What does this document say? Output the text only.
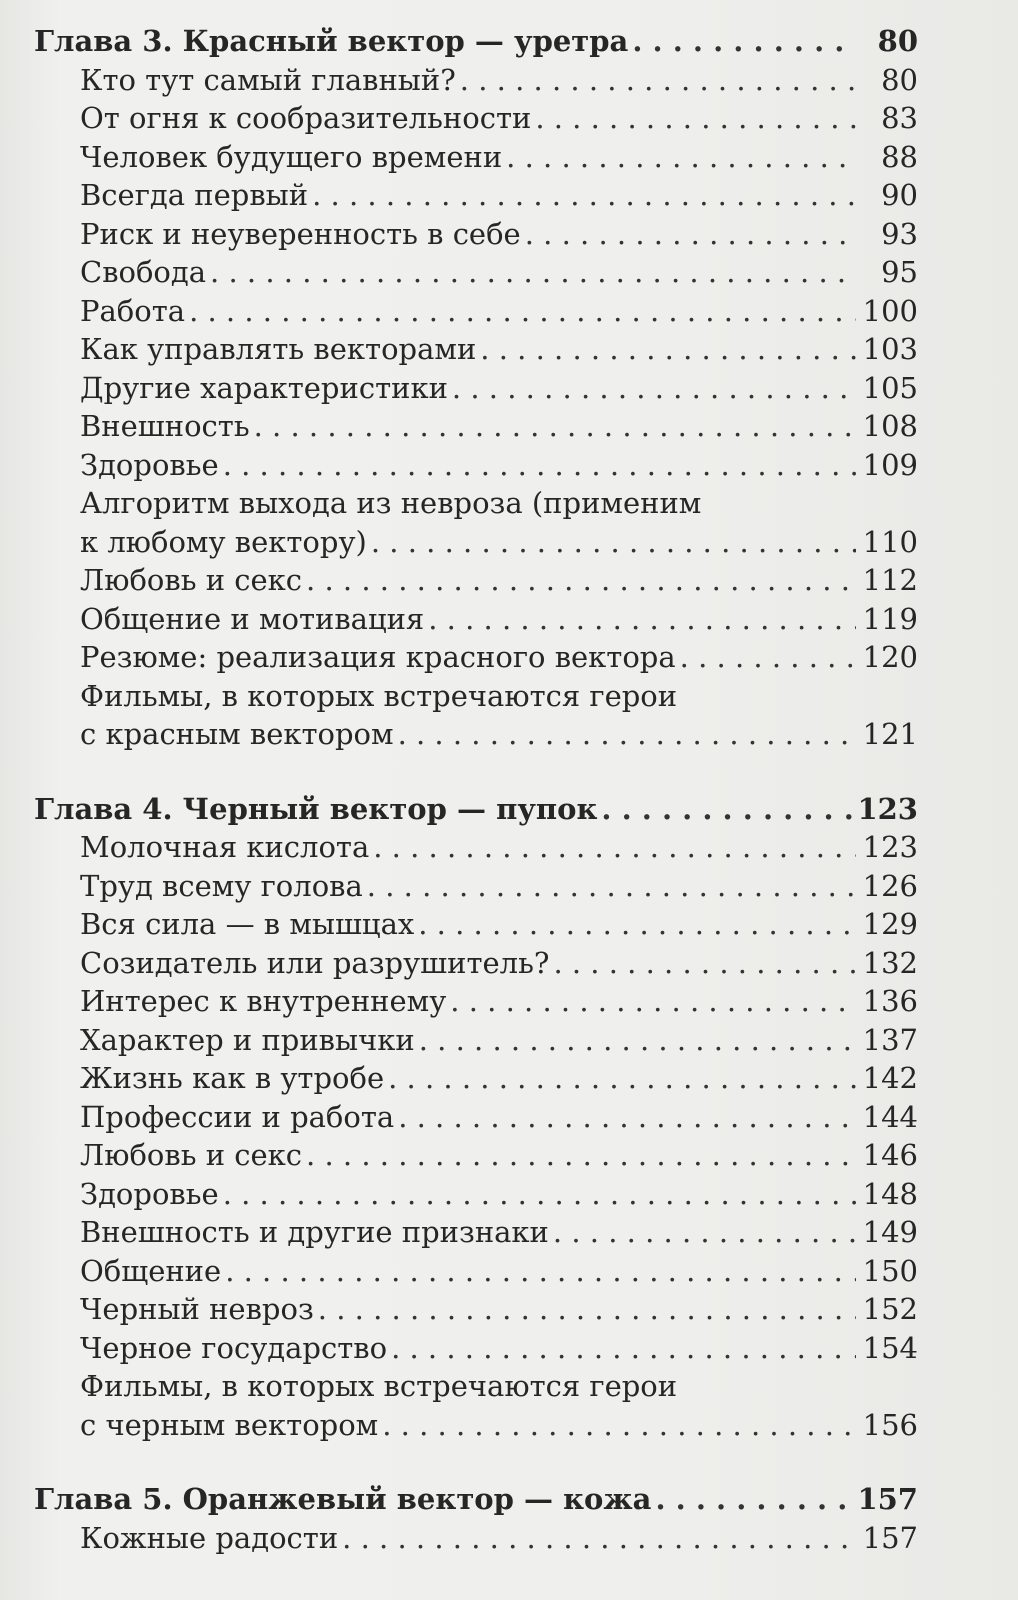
Глава 3. Красный вектор — уретра . . .	80
Кто тут самый главный? . . .	80
От огня к сообразительности . . .	83
Человек будущего времени . . .	88
Всегда первый . . .	90
Риск и неуверенность в себе . . .	93
Свобода . . .	95
Работа . . .	100
Как управлять векторами . . .	103
Другие характеристики . . .	105
Внешность . . .	108
Здоровье . . .	109
Алгоритм выхода из невроза (применим
к любому вектору) . . .	110
Любовь и секс . . .	112
Общение и мотивация . . .	119
Резюме: реализация красного вектора . . .	120
Фильмы, в которых встречаются герои
с красным вектором . . .	121
Глава 4. Черный вектор — пупок . . .	123
Молочная кислота . . .	123
Труд всему голова . . .	126
Вся сила — в мышцах . . .	129
Созидатель или разрушитель? . . .	132
Интерес к внутреннему . . .	136
Характер и привычки . . .	137
Жизнь как в утробе . . .	142
Профессии и работа . . .	144
Любовь и секс . . .	146
Здоровье . . .	148
Внешность и другие признаки . . .	149
Общение . . .	150
Черный невроз . . .	152
Черное государство . . .	154
Фильмы, в которых встречаются герои
с черным вектором . . .	156
Глава 5. Оранжевый вектор — кожа . . .	157
Кожные радости . . .	157
